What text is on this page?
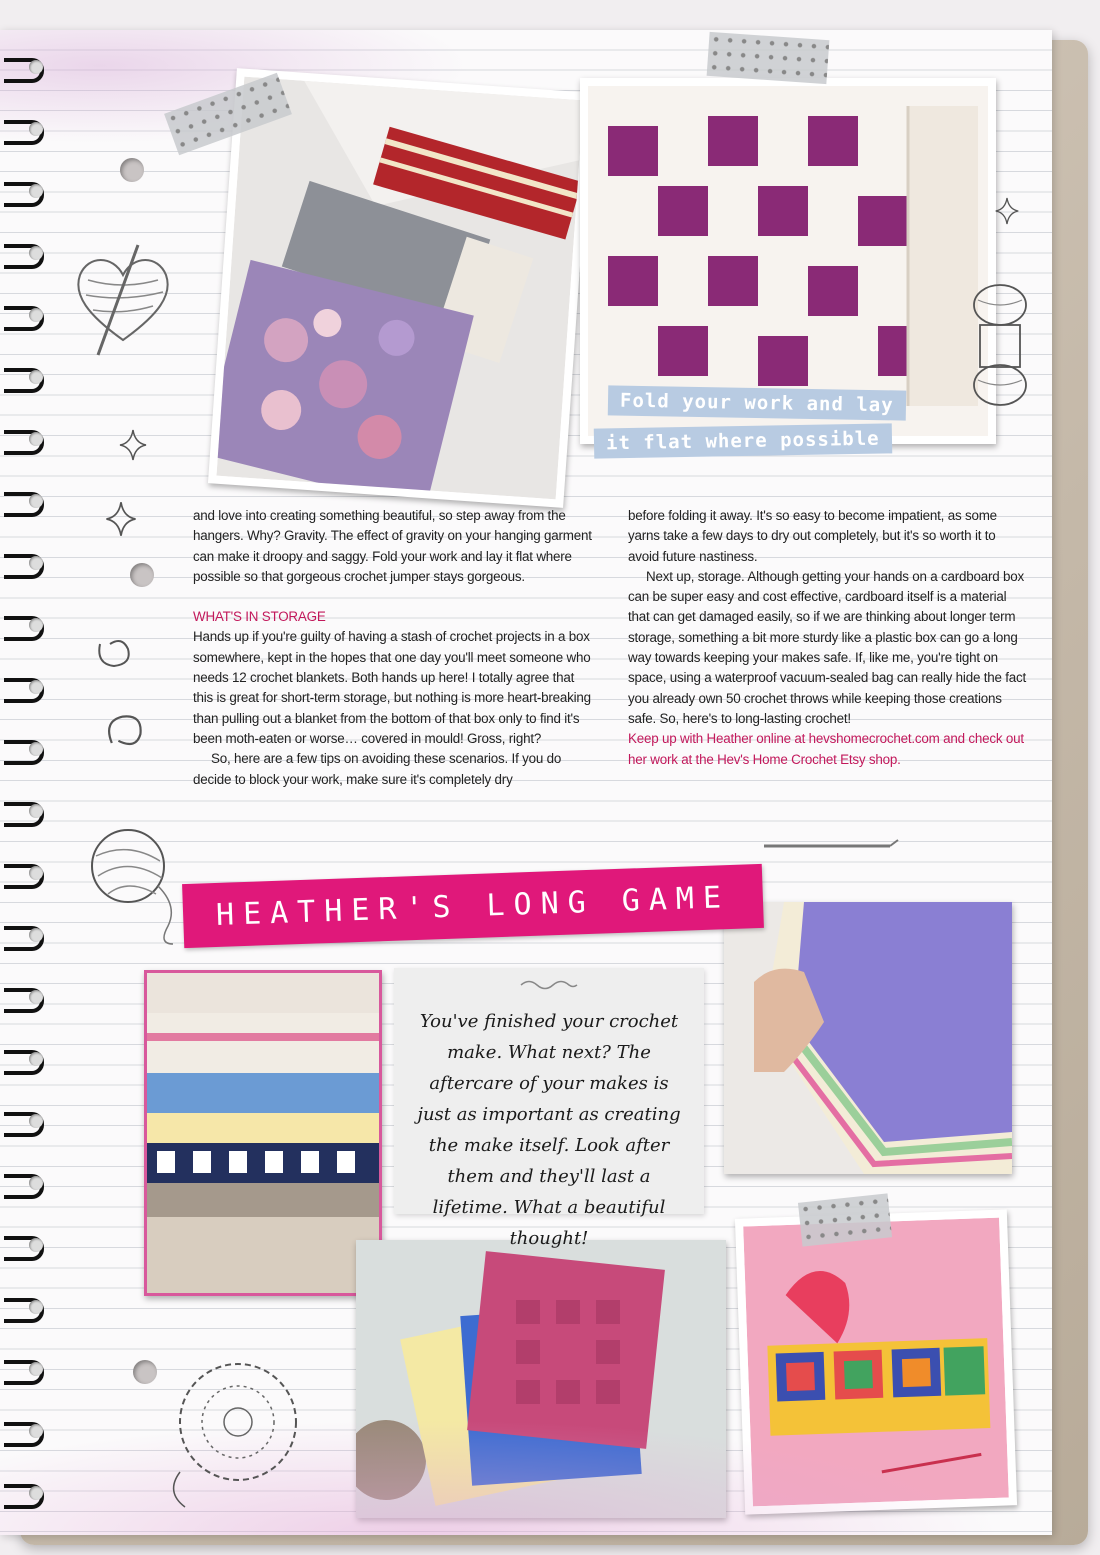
Fold your work and lay
it flat where possible

and love into creating something beautiful, so step away from the hangers. Why? Gravity. The effect of gravity on your hanging garment can make it droopy and saggy. Fold your work and lay it flat where possible so that gorgeous crochet jumper stays gorgeous.

WHAT'S IN STORAGE

Hands up if you're guilty of having a stash of crochet projects in a box somewhere, kept in the hopes that one day you'll meet someone who needs 12 crochet blankets. Both hands up here! I totally agree that this is great for short-term storage, but nothing is more heart-breaking than pulling out a blanket from the bottom of that box only to find it's been moth-eaten or worse… covered in mould! Gross, right?

So, here are a few tips on avoiding these scenarios. If you do decide to block your work, make sure it's completely dry

before folding it away. It's so easy to become impatient, as some yarns take a few days to dry out completely, but it's so worth it to avoid future nastiness.

Next up, storage. Although getting your hands on a cardboard box can be super easy and cost effective, cardboard itself is a material that can get damaged easily, so if we are thinking about longer term storage, something a bit more sturdy like a plastic box can go a long way towards keeping your makes safe. If, like me, you're tight on space, using a waterproof vacuum-sealed bag can really hide the fact you already own 50 crochet throws while keeping those creations safe. So, here's to long-lasting crochet!

Keep up with Heather online at hevshomecrochet.com and check out her work at the Hev's Home Crochet Etsy shop.

HEATHER'S LONG GAME
You've finished your crochet make. What next? The aftercare of your makes is just as important as creating the make itself. Look after them and they'll last a lifetime. What a beautiful thought!
